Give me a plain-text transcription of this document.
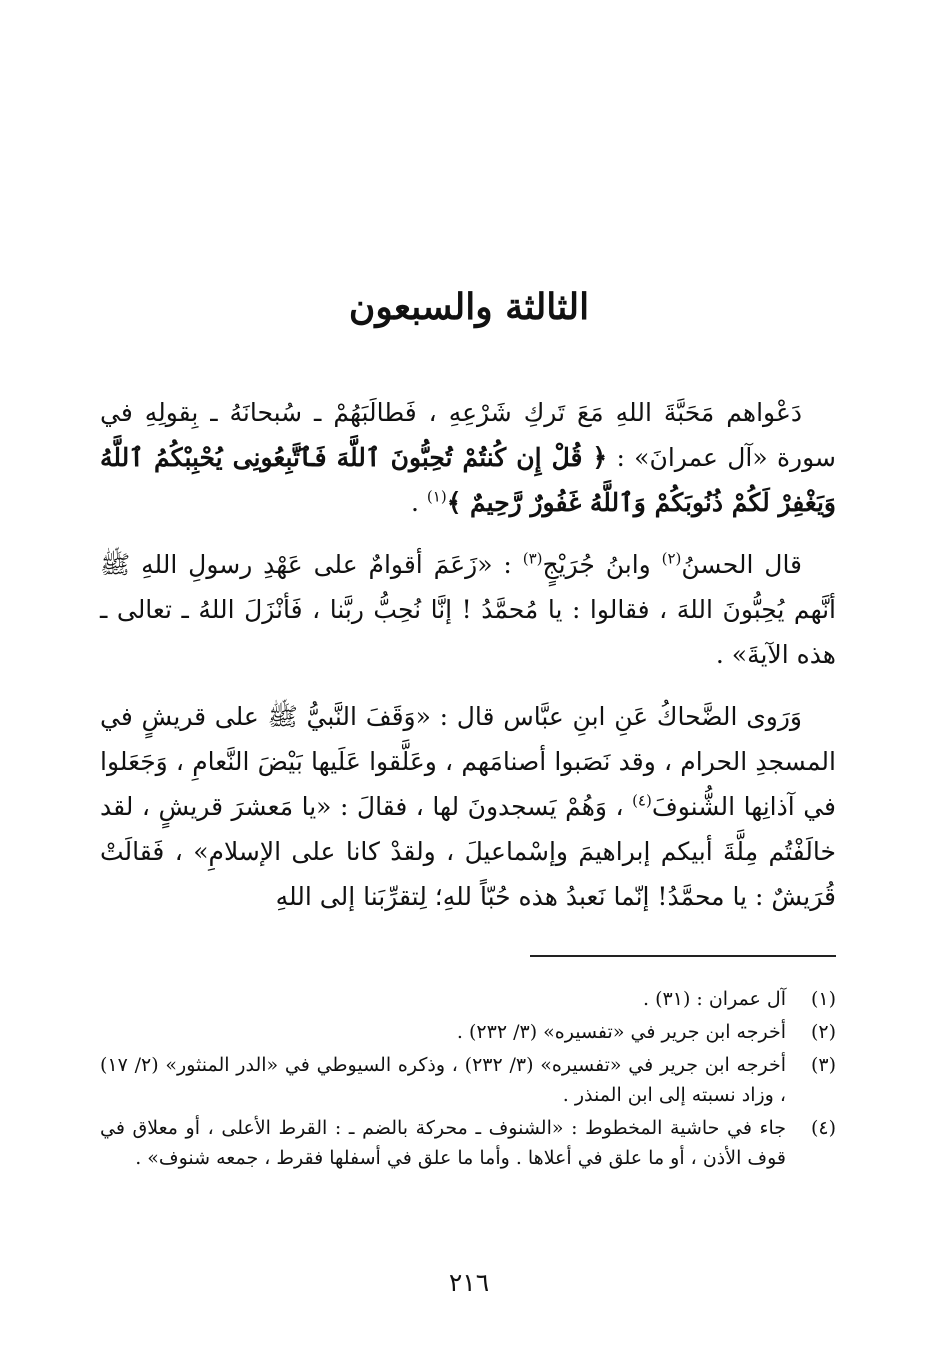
الثالثة والسبعون

دَعْواهم مَحَبَّةَ اللهِ مَعَ تَركِ شَرْعِهِ ، فَطالَبَهُمْ ـ سُبحانَهُ ـ بِقولِهِ في سورة «آل عمرانَ» : ﴿ قُلْ إِن كُنتُمْ تُحِبُّونَ ٱللَّهَ فَٱتَّبِعُونِى يُحْبِبْكُمُ ٱللَّهُ وَيَغْفِرْ لَكُمْ ذُنُوبَكُمْ وَٱللَّهُ غَفُورٌ رَّحِيمٌ ﴾$^{(١)}$ .

قال الحسنُ$^{(٢)}$ وابنُ جُرَيْجٍ$^{(٣)}$ : «زَعَمَ أقوامٌ على عَهْدِ رسولِ اللهِ ﷺ أنَّهم يُحِبُّونَ اللهَ ، فقالوا : يا مُحمَّدُ ! إنَّا نُحِبُّ ربَّنا ، فَأنْزَلَ اللهُ ـ تعالى ـ هذه الآيةَ» .

وَرَوى الضَّحاكُ عَنِ ابنِ عبَّاس قال : «وَقَفَ النَّبيُّ ﷺ على قريشٍ في المسجدِ الحرام ، وقد نَصَبوا أصنامَهم ، وعَلَّقوا عَلَيها بَيْضَ النَّعامِ ، وَجَعَلوا في آذانِها الشُّنوفَ$^{(٤)}$ ، وَهُمْ يَسجدونَ لها ، فقالَ : «يا مَعشرَ قريشٍ ، لقد خالَفْتُم مِلَّةَ أبيكم إبراهيمَ وإسْماعيلَ ، ولقدْ كانا على الإسلامِ» ، فَقالَتْ قُرَيشٌ : يا محمَّدُ! إنّما نَعبدُ هذه حُبّاً للهِ؛ لِتقرِّبَنا إلى اللهِ

(١)
آل عمران : (٣١) .
(٢)
أخرجه ابن جرير في «تفسيره» (٣/ ٢٣٢) .
(٣)
أخرجه ابن جرير في «تفسيره» (٣/ ٢٣٢) ، وذكره السيوطي في «الدر المنثور» (٢/ ١٧) ، وزاد نسبته إلى ابن المنذر .
(٤)
جاء في حاشية المخطوط : «الشنوف ـ محركة بالضم ـ : القرط الأعلى ، أو معلاق في قوف الأذن ، أو ما علق في أعلاها . وأما ما علق في أسفلها فقرط ، جمعه شنوف» .
٢١٦
